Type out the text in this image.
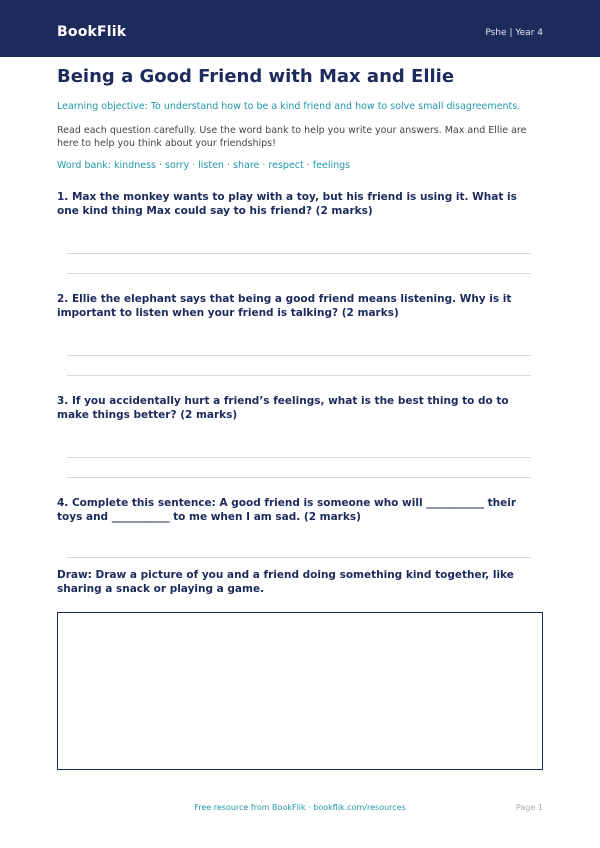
BookFlik	Pshe | Year 4
Being a Good Friend with Max and Ellie
Learning objective: To understand how to be a kind friend and how to solve small disagreements.
Read each question carefully. Use the word bank to help you write your answers. Max and Ellie are here to help you think about your friendships!
Word bank: kindness · sorry · listen · share · respect · feelings
1. Max the monkey wants to play with a toy, but his friend is using it. What is one kind thing Max could say to his friend? (2 marks)
2. Ellie the elephant says that being a good friend means listening. Why is it important to listen when your friend is talking? (2 marks)
3. If you accidentally hurt a friend’s feelings, what is the best thing to do to make things better? (2 marks)
4. Complete this sentence: A good friend is someone who will ___________ their toys and ___________ to me when I am sad. (2 marks)
Draw: Draw a picture of you and a friend doing something kind together, like sharing a snack or playing a game.
Free resource from BookFlik · bookflik.com/resources	Page 1
